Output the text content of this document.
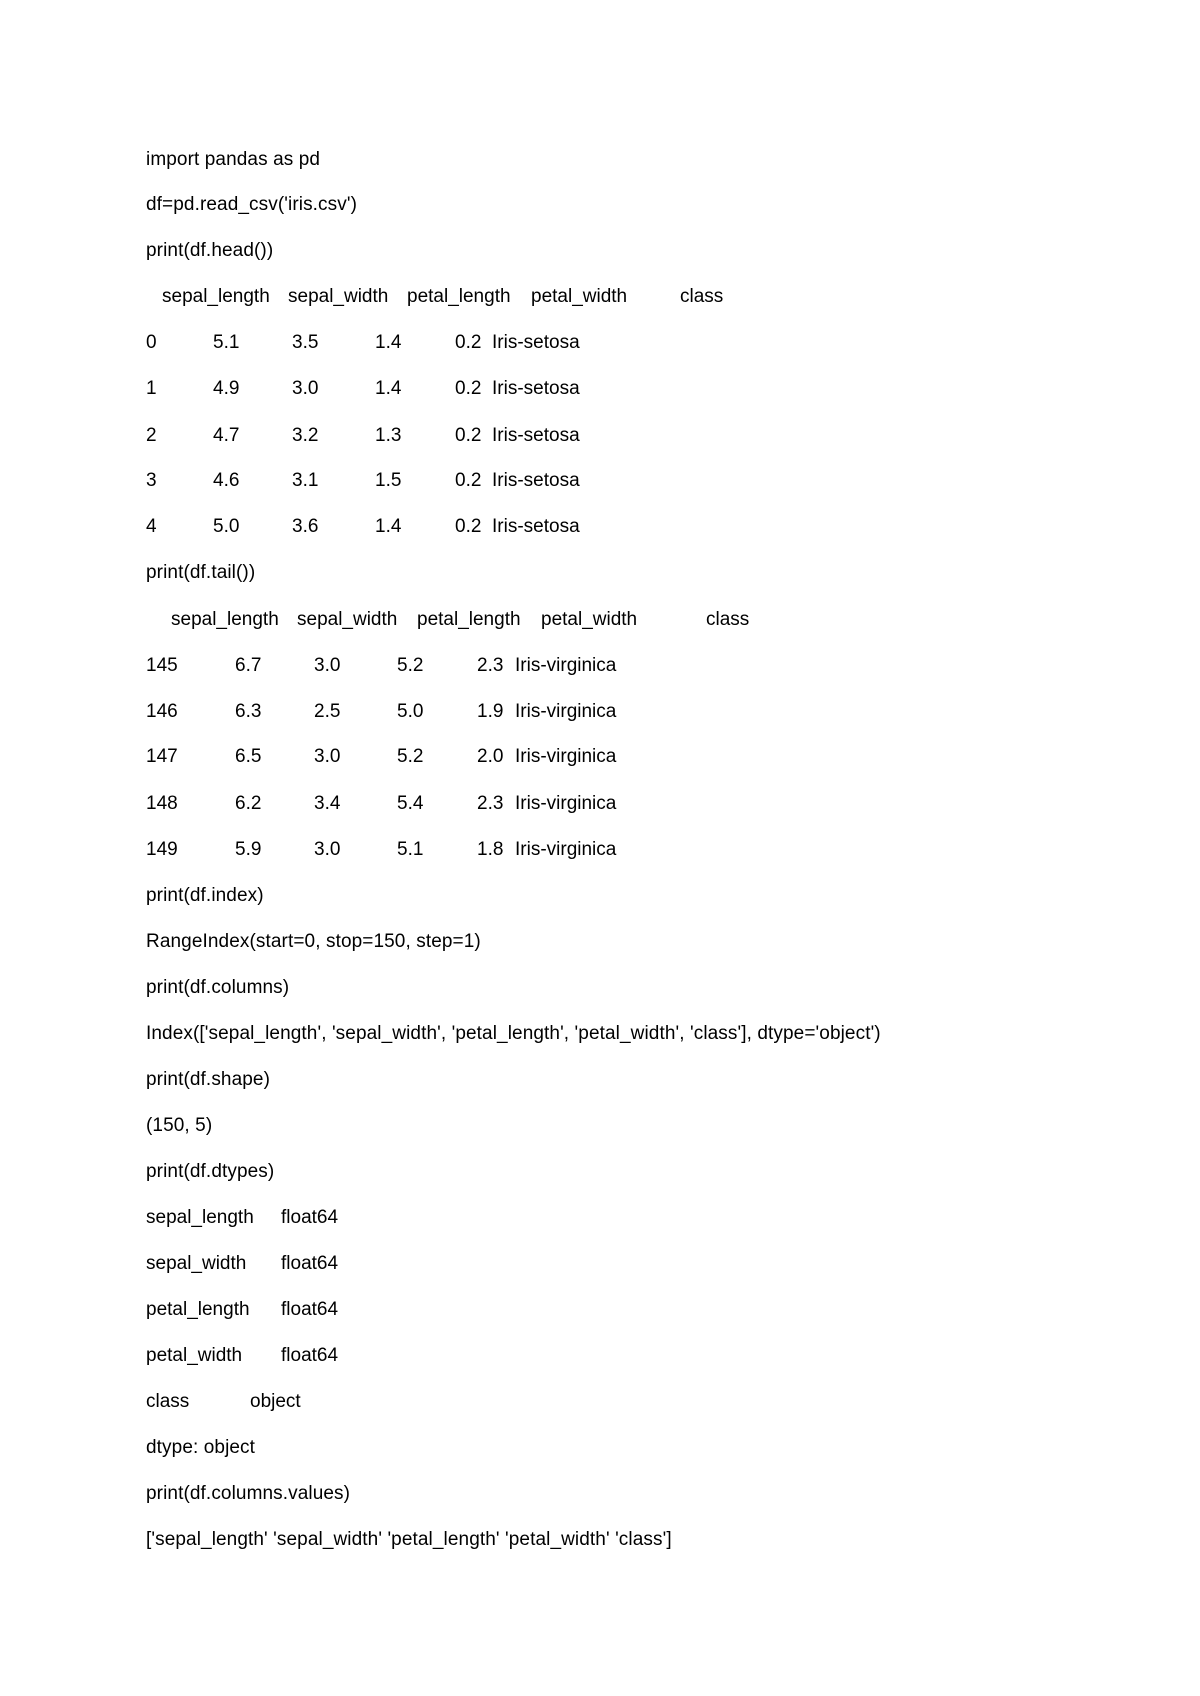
import pandas as pd
df=pd.read_csv('iris.csv')
print(df.head())
sepal_length sepal_width petal_length petal_width	class
0	5.1	3.5	1.4	0.2 Iris-setosa
1	4.9	3.0	1.4	0.2 Iris-setosa
2	4.7	3.2	1.3	0.2 Iris-setosa
3	4.6	3.1	1.5	0.2 Iris-setosa
4	5.0	3.6	1.4	0.2 Iris-setosa
print(df.tail())
sepal_length sepal_width petal_length petal_width	class
145	6.7	3.0	5.2	2.3 Iris-virginica
146	6.3	2.5	5.0	1.9 Iris-virginica
147	6.5	3.0	5.2	2.0 Iris-virginica
148	6.2	3.4	5.4	2.3 Iris-virginica
149	5.9	3.0	5.1	1.8 Iris-virginica
print(df.index)
RangeIndex(start=0, stop=150, step=1)
print(df.columns)
Index(['sepal_length', 'sepal_width', 'petal_length', 'petal_width', 'class'], dtype='object')
print(df.shape)
(150, 5)
print(df.dtypes)
sepal_length float64
sepal_width float64
petal_length float64
petal_width float64
class	object
dtype: object
print(df.columns.values)
['sepal_length' 'sepal_width' 'petal_length' 'petal_width' 'class']
